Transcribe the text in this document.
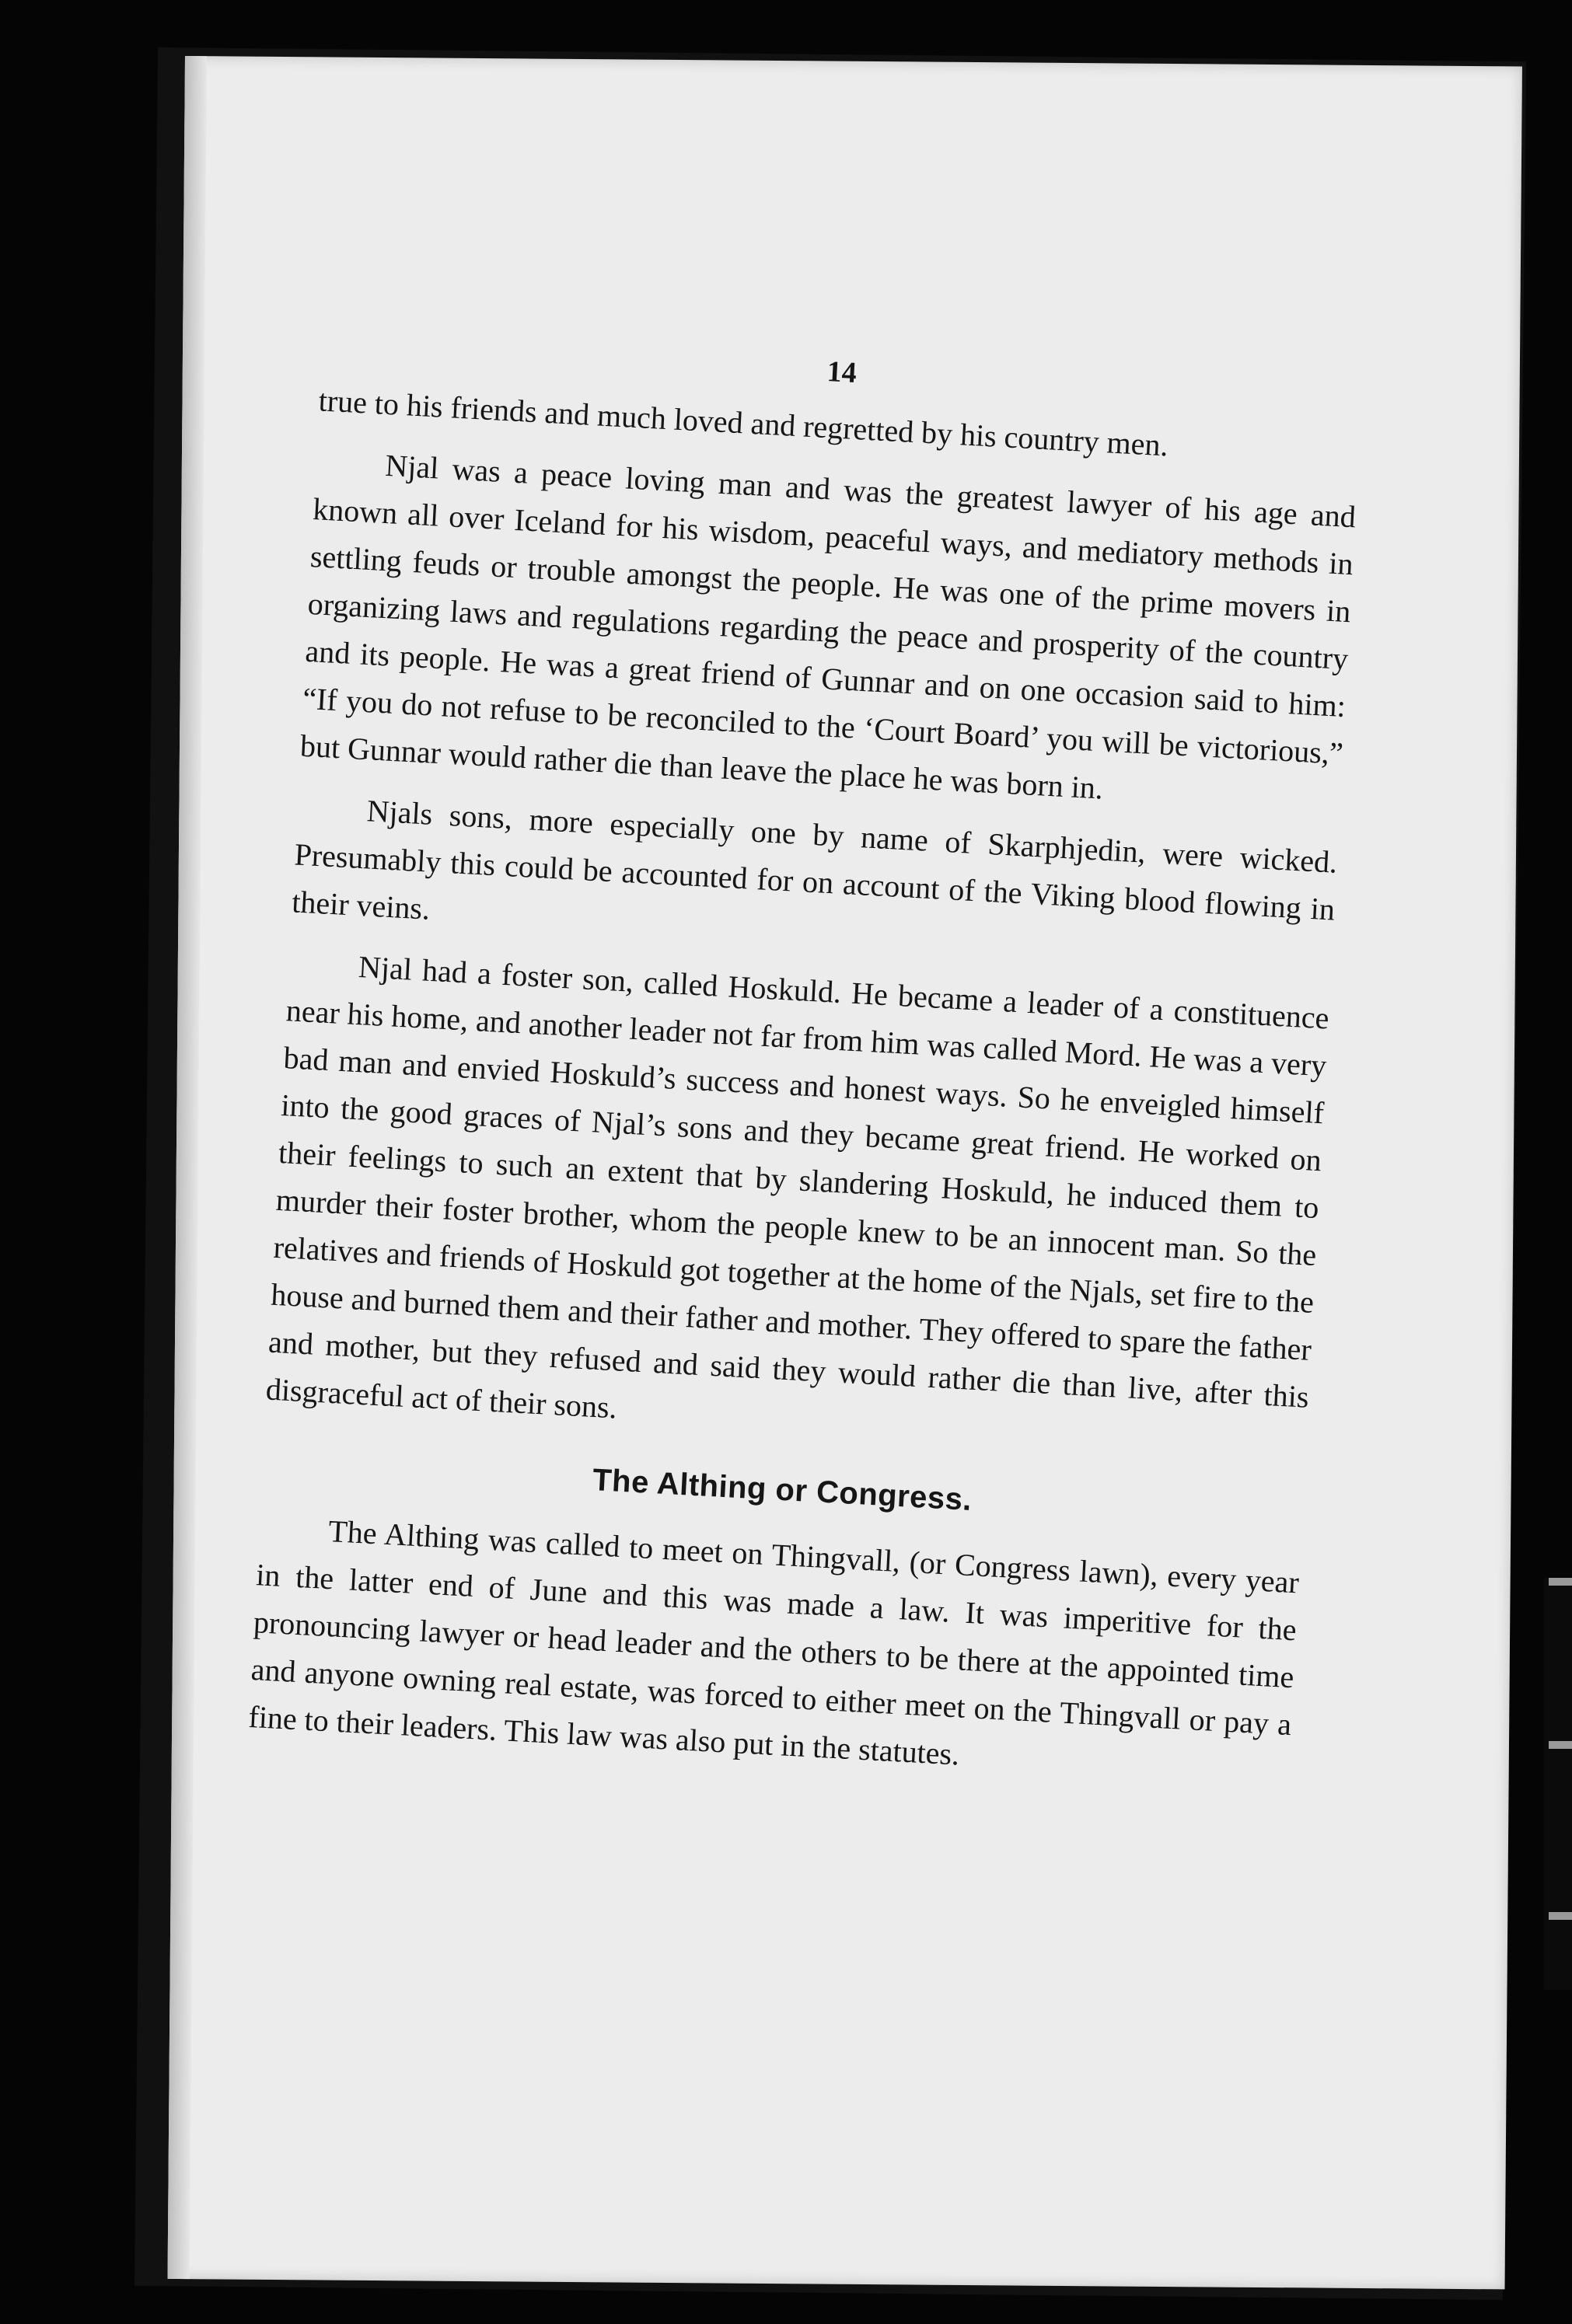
14

true to his friends and much loved and regretted by his country men.

Njal was a peace loving man and was the greatest lawyer of his age and known all over Iceland for his wisdom, peaceful ways, and mediatory methods in settling feuds or trouble amongst the people. He was one of the prime movers in organizing laws and regulations regarding the peace and prosperity of the country and its people. He was a great friend of Gunnar and on one occasion said to him: “If you do not refuse to be reconciled to the ‘Court Board’ you will be victorious,” but Gunnar would rather die than leave the place he was born in.

Njals sons, more especially one by name of Skarphjedin, were wicked. Presumably this could be accounted for on account of the Viking blood flowing in their veins.

Njal had a foster son, called Hoskuld. He became a leader of a constituence near his home, and another leader not far from him was called Mord. He was a very bad man and envied Hoskuld’s success and honest ways. So he enveigled himself into the good graces of Njal’s sons and they became great friend. He worked on their feelings to such an extent that by slandering Hoskuld, he induced them to murder their foster brother, whom the people knew to be an innocent man. So the relatives and friends of Hoskuld got together at the home of the Njals, set fire to the house and burned them and their father and mother. They offered to spare the father and mother, but they refused and said they would rather die than live, after this disgraceful act of their sons.

The Althing or Congress.

The Althing was called to meet on Thingvall, (or Congress lawn), every year in the latter end of June and this was made a law. It was imperitive for the pronouncing lawyer or head leader and the others to be there at the appointed time and anyone owning real estate, was forced to either meet on the Thingvall or pay a fine to their leaders. This law was also put in the statutes.
